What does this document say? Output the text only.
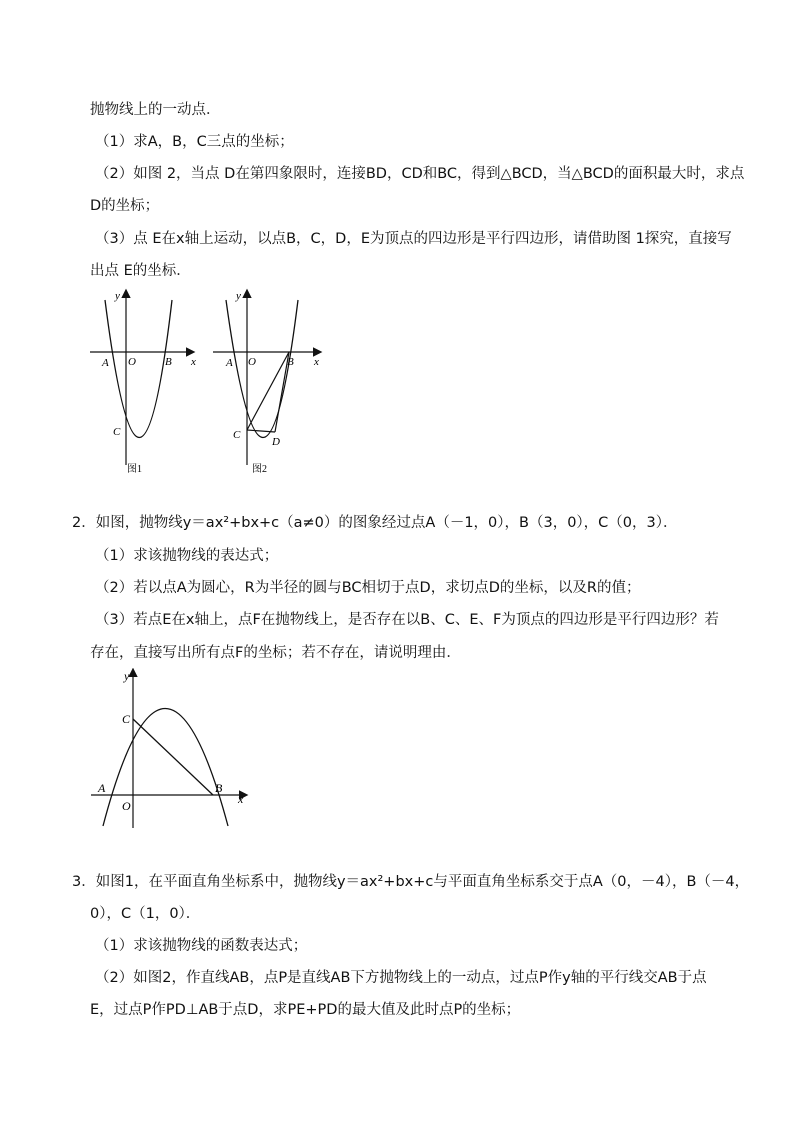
抛物线上的一动点．
（1）求A，B，C三点的坐标；
（2）如图 2，当点 D在第四象限时，连接BD，CD和BC，得到△BCD，当△BCD的面积最大时，求点
D的坐标；
（3）点 E在x轴上运动，以点B，C，D，E为顶点的四边形是平行四边形，请借助图 1探究，直接写
出点 E的坐标．
y
x
A O	B
C
图1
y
x
A O	B
C
D
图2
2．如图，抛物线y＝ax²+bx+c（a≠0）的图象经过点A（－1，0），B（3，0），C（0，3）．
（1）求该抛物线的表达式；
（2）若以点A为圆心，R为半径的圆与BC相切于点D，求切点D的坐标，以及R的值；
（3）若点E在x轴上，点F在抛物线上，是否存在以B、C、E、F为顶点的四边形是平行四边形？若
存在，直接写出所有点F的坐标；若不存在，请说明理由．
y
x
A
O
B
C
3．如图1，在平面直角坐标系中，抛物线y＝ax²+bx+c与平面直角坐标系交于点A（0，－4），B（－4，
0），C（1，0）．
（1）求该抛物线的函数表达式；
（2）如图2，作直线AB，点P是直线AB下方抛物线上的一动点，过点P作y轴的平行线交AB于点
E，过点P作PD⊥AB于点D，求PE+PD的最大值及此时点P的坐标；
